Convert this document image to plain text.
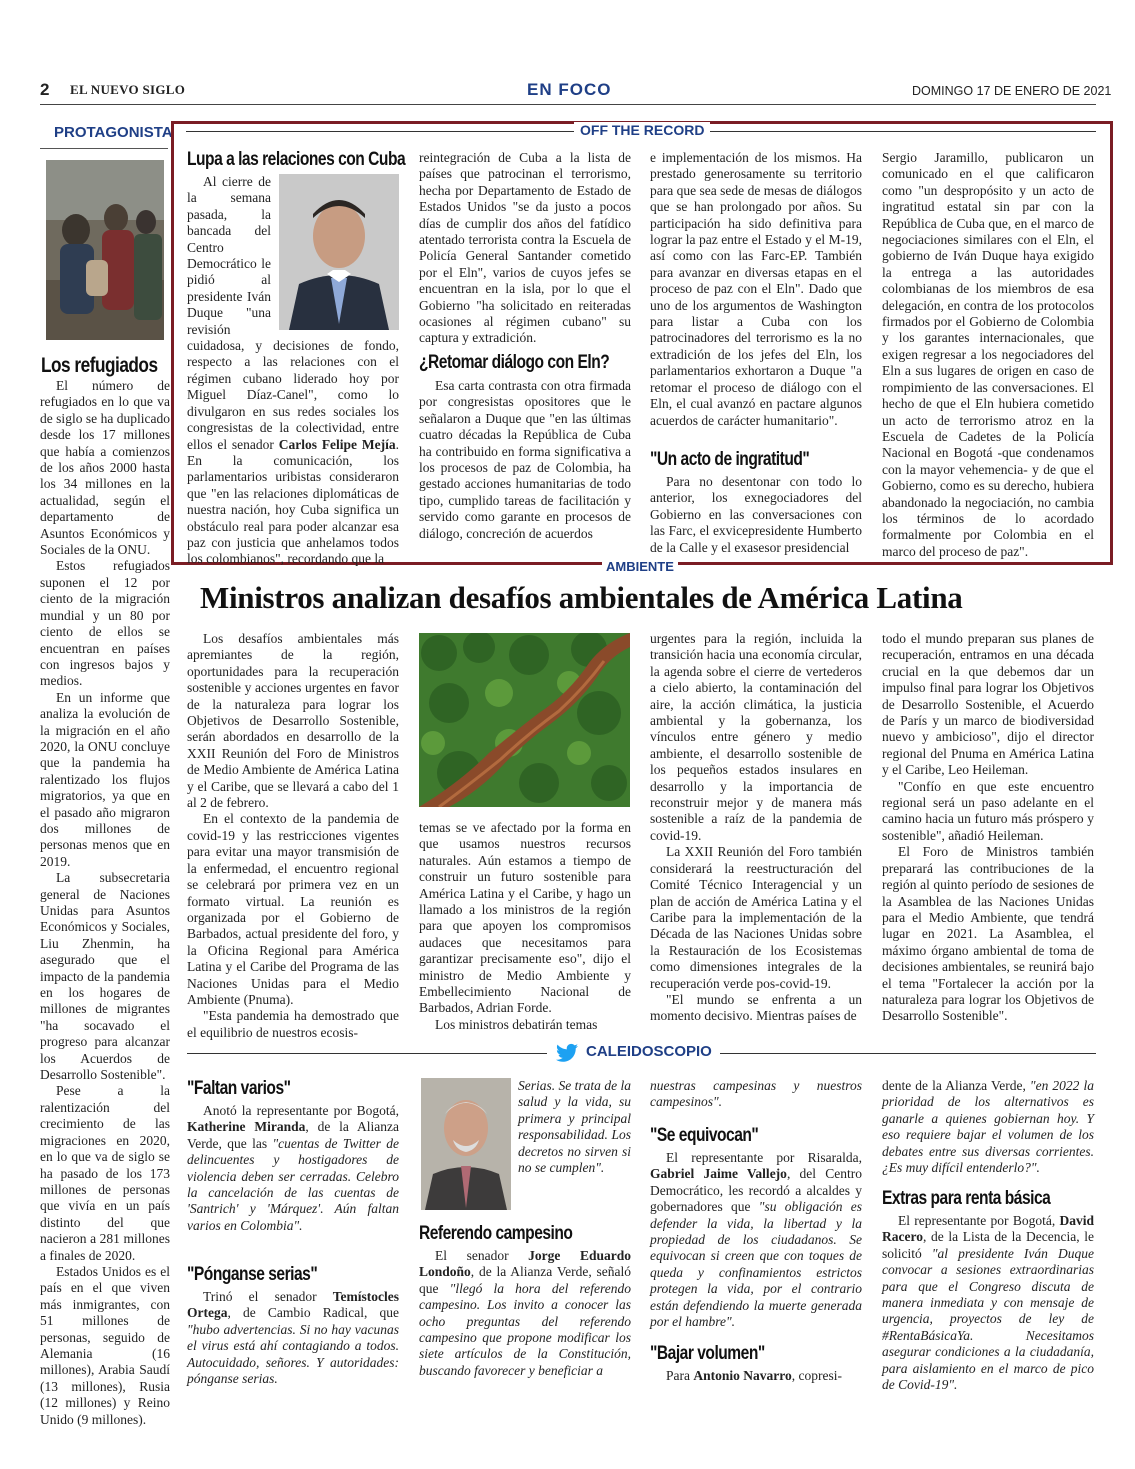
2 EL NUEVO SIGLO	EN FOCO	DOMINGO 17 DE ENERO DE 2021
PROTAGONISTA
Los refugiados

El número de refugiados en lo que va de siglo se ha duplicado desde los 17 millones que había a comienzos de los años 2000 hasta los 34 millones en la actualidad, según el departamento de Asuntos Económicos y Sociales de la ONU.

Estos refugiados suponen el 12 por ciento de la migración mundial y un 80 por ciento de ellos se encuentran en países con ingresos bajos y medios.

En un informe que analiza la evolución de la migración en el año 2020, la ONU concluye que la pandemia ha ralentizado los flujos migratorios, ya que en el pasado año migraron dos millones de personas menos que en 2019.

La subsecretaria general de Naciones Unidas para Asuntos Económicos y Sociales, Liu Zhenmin, ha asegurado que el impacto de la pandemia en los hogares de millones de migrantes "ha socavado el progreso para alcanzar los Acuerdos de Desarrollo Sostenible".

Pese a la ralentización del crecimiento de las migraciones en 2020, en lo que va de siglo se ha pasado de los 173 millones de personas que vivía en un país distinto del que nacieron a 281 millones a finales de 2020.

Estados Unidos es el país en el que viven más inmigrantes, con 51 millones de personas, seguido de Alemania (16 millones), Arabia Saudí (13 millones), Rusia (12 millones) y Reino Unido (9 millones).

OFF THE RECORD
Lupa a las relaciones con Cuba

Al cierre de la semana pasada, la bancada del Centro Democrático le pidió al presidente Iván Duque "una revisión cuidadosa, y decisiones de fondo, respecto a las relaciones con el régimen cubano liderado hoy por Miguel Díaz-Canel", como lo divulgaron en sus redes sociales los congresistas de la colectividad, entre ellos el senador Carlos Felipe Mejía. En la comunicación, los parlamentarios uribistas consideraron que "en las relaciones diplomáticas de nuestra nación, hoy Cuba significa un obstáculo real para poder alcanzar esa paz con justicia que anhelamos todos los colombianos", recordando que la

reintegración de Cuba a la lista de países que patrocinan el terrorismo, hecha por Departamento de Estado de Estados Unidos "se da justo a pocos días de cumplir dos años del fatídico atentado terrorista contra la Escuela de Policía General Santander cometido por el Eln", varios de cuyos jefes se encuentran en la isla, por lo que el Gobierno "ha solicitado en reiteradas ocasiones al régimen cubano" su captura y extradición.

¿Retomar diálogo con Eln?

Esa carta contrasta con otra firmada por congresistas opositores que le señalaron a Duque que "en las últimas cuatro décadas la República de Cuba ha contribuido en forma significativa a los procesos de paz de Colombia, ha gestado acciones humanitarias de todo tipo, cumplido tareas de facilitación y servido como garante en procesos de diálogo, concreción de acuerdos

e implementación de los mismos. Ha prestado generosamente su territorio para que sea sede de mesas de diálogos que se han prolongado por años. Su participación ha sido definitiva para lograr la paz entre el Estado y el M-19, así como con las Farc-EP. También para avanzar en diversas etapas en el proceso de paz con el Eln". Dado que uno de los argumentos de Washington para listar a Cuba con los patrocinadores del terrorismo es la no extradición de los jefes del Eln, los parlamentarios exhortaron a Duque "a retomar el proceso de diálogo con el Eln, el cual avanzó en pactare algunos acuerdos de carácter humanitario".

"Un acto de ingratitud"

Para no desentonar con todo lo anterior, los exnegociadores del Gobierno en las conversaciones con las Farc, el exvicepresidente Humberto de la Calle y el exasesor presidencial

Sergio Jaramillo, publicaron un comunicado en el que calificaron como "un despropósito y un acto de ingratitud estatal sin par con la República de Cuba que, en el marco de negociaciones similares con el Eln, el gobierno de Iván Duque haya exigido la entrega a las autoridades colombianas de los miembros de esa delegación, en contra de los protocolos firmados por el Gobierno de Colombia y los garantes internacionales, que exigen regresar a los negociadores del Eln a sus lugares de origen en caso de rompimiento de las conversaciones. El hecho de que el Eln hubiera cometido un acto de terrorismo atroz en la Escuela de Cadetes de la Policía Nacional en Bogotá -que condenamos con la mayor vehemencia- y de que el Gobierno, como es su derecho, hubiera abandonado la negociación, no cambia los términos de lo acordado formalmente por Colombia en el marco del proceso de paz".

AMBIENTE
Ministros analizan desafíos ambientales de América Latina

Los desafíos ambientales más apremiantes de la región, oportunidades para la recuperación sostenible y acciones urgentes en favor de la naturaleza para lograr los Objetivos de Desarrollo Sostenible, serán abordados en desarrollo de la XXII Reunión del Foro de Ministros de Medio Ambiente de América Latina y el Caribe, que se llevará a cabo del 1 al 2 de febrero.

En el contexto de la pandemia de covid-19 y las restricciones vigentes para evitar una mayor transmisión de la enfermedad, el encuentro regional se celebrará por primera vez en un formato virtual. La reunión es organizada por el Gobierno de Barbados, actual presidente del foro, y la Oficina Regional para América Latina y el Caribe del Programa de las Naciones Unidas para el Medio Ambiente (Pnuma).

"Esta pandemia ha demostrado que el equilibrio de nuestros ecosis-

temas se ve afectado por la forma en que usamos nuestros recursos naturales. Aún estamos a tiempo de construir un futuro sostenible para América Latina y el Caribe, y hago un llamado a los ministros de la región para que apoyen los compromisos audaces que necesitamos para garantizar precisamente eso", dijo el ministro de Medio Ambiente y Embellecimiento Nacional de Barbados, Adrian Forde.

Los ministros debatirán temas

urgentes para la región, incluida la transición hacia una economía circular, la agenda sobre el cierre de vertederos a cielo abierto, la contaminación del aire, la acción climática, la justicia ambiental y la gobernanza, los vínculos entre género y medio ambiente, el desarrollo sostenible de los pequeños estados insulares en desarrollo y la importancia de reconstruir mejor y de manera más sostenible a raíz de la pandemia de covid-19.

La XXII Reunión del Foro también considerará la reestructuración del Comité Técnico Interagencial y un plan de acción de América Latina y el Caribe para la implementación de la Década de las Naciones Unidas sobre la Restauración de los Ecosistemas como dimensiones integrales de la recuperación verde pos-covid-19.

"El mundo se enfrenta a un momento decisivo. Mientras países de

todo el mundo preparan sus planes de recuperación, entramos en una década crucial en la que debemos dar un impulso final para lograr los Objetivos de Desarrollo Sostenible, el Acuerdo de París y un marco de biodiversidad nuevo y ambicioso", dijo el director regional del Pnuma en América Latina y el Caribe, Leo Heileman.

"Confío en que este encuentro regional será un paso adelante en el camino hacia un futuro más próspero y sostenible", añadió Heileman.

El Foro de Ministros también preparará las contribuciones de la región al quinto período de sesiones de la Asamblea de las Naciones Unidas para el Medio Ambiente, que tendrá lugar en 2021. La Asamblea, el máximo órgano ambiental de toma de decisiones ambientales, se reunirá bajo el tema "Fortalecer la acción por la naturaleza para lograr los Objetivos de Desarrollo Sostenible".

CALEIDOSCOPIO
"Faltan varios"

Anotó la representante por Bogotá, Katherine Miranda, de la Alianza Verde, que las "cuentas de Twitter de delincuentes y hostigadores de violencia deben ser cerradas. Celebro la cancelación de las cuentas de 'Santrich' y 'Márquez'. Aún faltan varios en Colombia".

"Pónganse serias"

Trinó el senador Temístocles Ortega, de Cambio Radical, que "hubo advertencias. Si no hay vacunas el virus está ahí contagiando a todos. Autocuidado, señores. Y autoridades: pónganse serias.

Serias. Se trata de la salud y la vida, su primera y principal responsabilidad. Los decretos no sirven si no se cumplen".

Referendo campesino

El senador Jorge Eduardo Londoño, de la Alianza Verde, señaló que "llegó la hora del referendo campesino. Los invito a conocer las ocho preguntas del referendo campesino que propone modificar los siete artículos de la Constitución, buscando favorecer y beneficiar a

nuestras campesinas y nuestros campesinos".

"Se equivocan"

El representante por Risaralda, Gabriel Jaime Vallejo, del Centro Democrático, les recordó a alcaldes y gobernadores que "su obligación es defender la vida, la libertad y la propiedad de los ciudadanos. Se equivocan si creen que con toques de queda y confinamientos estrictos protegen la vida, por el contrario están defendiendo la muerte generada por el hambre".

"Bajar volumen"

Para Antonio Navarro, copresi-

dente de la Alianza Verde, "en 2022 la prioridad de los alternativos es ganarle a quienes gobiernan hoy. Y eso requiere bajar el volumen de los debates entre sus diversas corrientes. ¿Es muy difícil entenderlo?".

Extras para renta básica

El representante por Bogotá, David Racero, de la Lista de la Decencia, le solicitó "al presidente Iván Duque convocar a sesiones extraordinarias para que el Congreso discuta de manera inmediata y con mensaje de urgencia, proyectos de ley de #RentaBásicaYa. Necesitamos asegurar condiciones a la ciudadanía, para aislamiento en el marco de pico de Covid-19".
